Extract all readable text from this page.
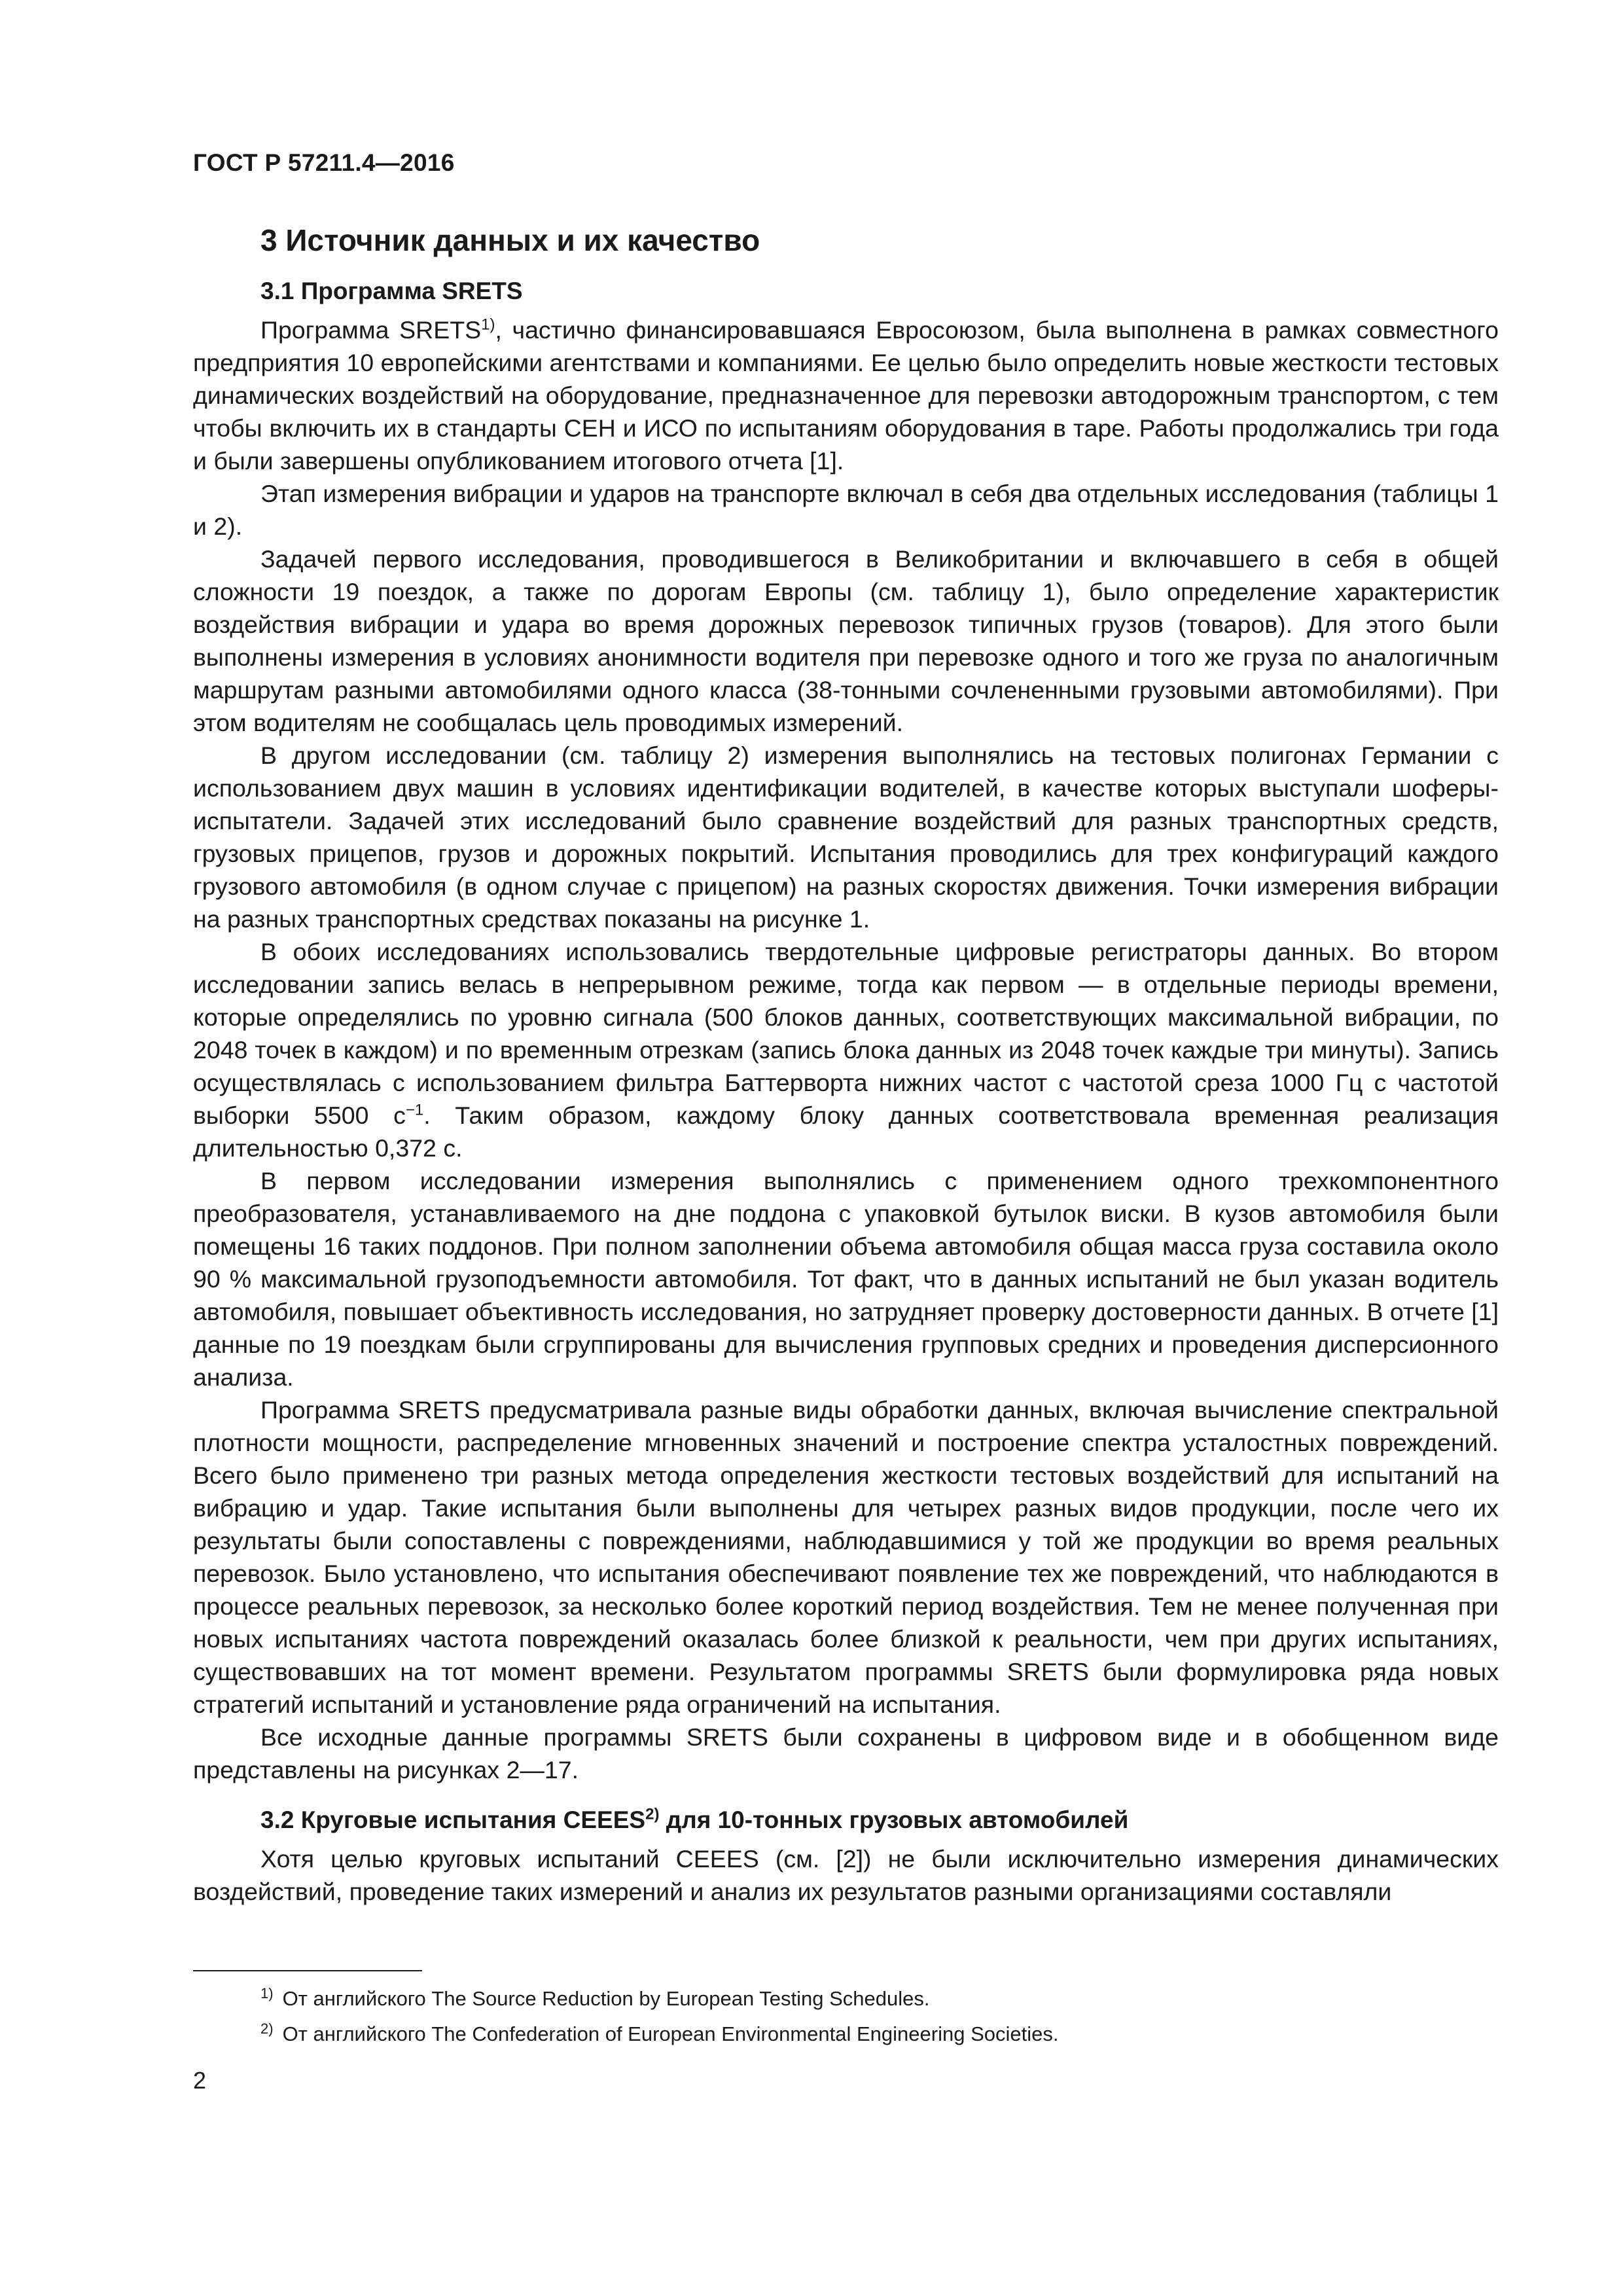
ГОСТ Р 57211.4—2016
3 Источник данных и их качество
3.1 Программа SRETS

Программа SRETS$^{1)}$, частично финансировавшаяся Евросоюзом, была выполнена в рамках совместного предприятия 10 европейскими агентствами и компаниями. Ее целью было определить новые жесткости тестовых динамических воздействий на оборудование, предназначенное для перевозки автодорожным транспортом, с тем чтобы включить их в стандарты СЕН и ИСО по испытаниям оборудования в таре. Работы продолжались три года и были завершены опубликованием итогового отчета [1].

Этап измерения вибрации и ударов на транспорте включал в себя два отдельных исследования (таблицы 1 и 2).

Задачей первого исследования, проводившегося в Великобритании и включавшего в себя в общей сложности 19 поездок, а также по дорогам Европы (см. таблицу 1), было определение характеристик воздействия вибрации и удара во время дорожных перевозок типичных грузов (товаров). Для этого были выполнены измерения в условиях анонимности водителя при перевозке одного и того же груза по аналогичным маршрутам разными автомобилями одного класса (38-тонными сочлененными грузовыми автомобилями). При этом водителям не сообщалась цель проводимых измерений.

В другом исследовании (см. таблицу 2) измерения выполнялись на тестовых полигонах Германии с использованием двух машин в условиях идентификации водителей, в качестве которых выступали шоферы-испытатели. Задачей этих исследований было сравнение воздействий для разных транспортных средств, грузовых прицепов, грузов и дорожных покрытий. Испытания проводились для трех конфигураций каждого грузового автомобиля (в одном случае с прицепом) на разных скоростях движения. Точки измерения вибрации на разных транспортных средствах показаны на рисунке 1.

В обоих исследованиях использовались твердотельные цифровые регистраторы данных. Во втором исследовании запись велась в непрерывном режиме, тогда как первом — в отдельные периоды времени, которые определялись по уровню сигнала (500 блоков данных, соответствующих максимальной вибрации, по 2048 точек в каждом) и по временным отрезкам (запись блока данных из 2048 точек каждые три минуты). Запись осуществлялась с использованием фильтра Баттерворта нижних частот с частотой среза 1000 Гц с частотой выборки 5500 $с^{-1}$. Таким образом, каждому блоку данных соответствовала временная реализация длительностью 0,372 с.

В первом исследовании измерения выполнялись с применением одного трехкомпонентного преобразователя, устанавливаемого на дне поддона с упаковкой бутылок виски. В кузов автомобиля были помещены 16 таких поддонов. При полном заполнении объема автомобиля общая масса груза составила около 90 % максимальной грузоподъемности автомобиля. Тот факт, что в данных испытаний не был указан водитель автомобиля, повышает объективность исследования, но затрудняет проверку достоверности данных. В отчете [1] данные по 19 поездкам были сгруппированы для вычисления групповых средних и проведения дисперсионного анализа.

Программа SRETS предусматривала разные виды обработки данных, включая вычисление спектральной плотности мощности, распределение мгновенных значений и построение спектра усталостных повреждений. Всего было применено три разных метода определения жесткости тестовых воздействий для испытаний на вибрацию и удар. Такие испытания были выполнены для четырех разных видов продукции, после чего их результаты были сопоставлены с повреждениями, наблюдавшимися у той же продукции во время реальных перевозок. Было установлено, что испытания обеспечивают появление тех же повреждений, что наблюдаются в процессе реальных перевозок, за несколько более короткий период воздействия. Тем не менее полученная при новых испытаниях частота повреждений оказалась более близкой к реальности, чем при других испытаниях, существовавших на тот момент времени. Результатом программы SRETS были формулировка ряда новых стратегий испытаний и установление ряда ограничений на испытания.

Все исходные данные программы SRETS были сохранены в цифровом виде и в обобщенном виде представлены на рисунках 2—17.

3.2 Круговые испытания CEEES$^{2)}$ для 10-тонных грузовых автомобилей

Хотя целью круговых испытаний CEEES (см. [2]) не были исключительно измерения динамических воздействий, проведение таких измерений и анализ их результатов разными организациями составляли

$^{1)}$ От английского The Source Reduction by European Testing Schedules.
$^{2)}$ От английского The Confederation of European Environmental Engineering Societies.
2
